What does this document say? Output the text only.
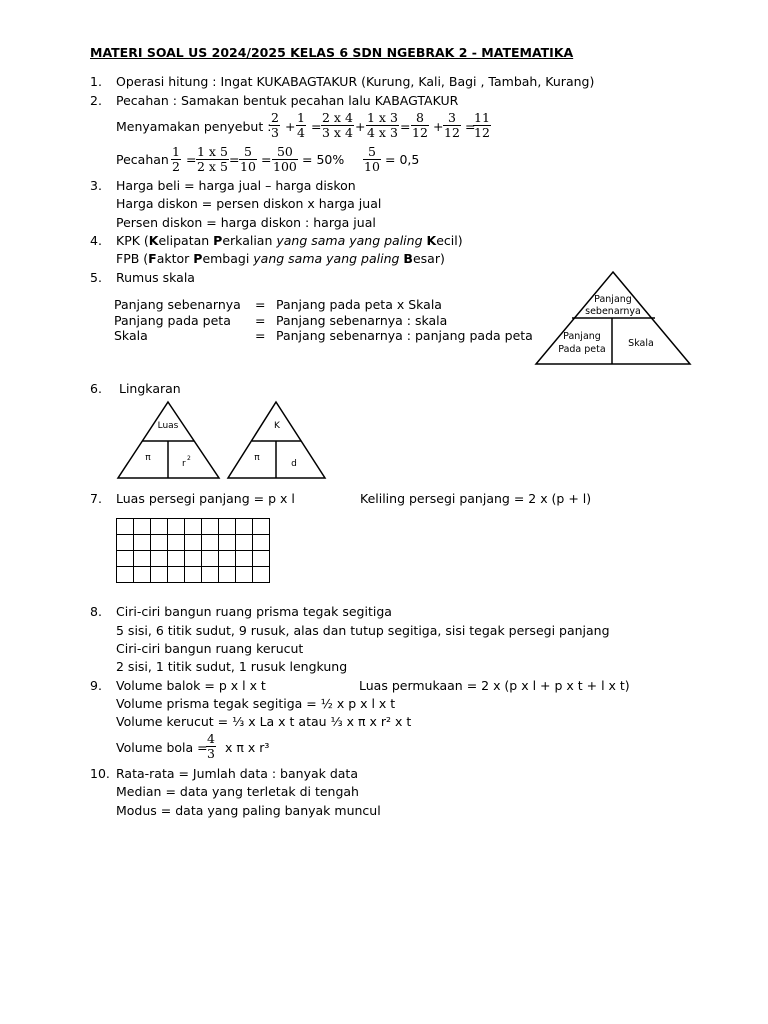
MATERI SOAL US 2024/2025 KELAS 6 SDN NGEBRAK 2 - MATEMATIKA
1. Operasi hitung : Ingat KUKABAGTAKUR (Kurung, Kali, Bagi , Tambah, Kurang)
2. Pecahan : Samakan bentuk pecahan lalu KABAGTAKUR
Menyamakan penyebut :
$\frac{2}{3} + \frac{1}{4} = \frac{2 x 4}{3 x 4} + \frac{1 x 3}{4 x 3} = \frac{8}{12} + \frac{3}{12}$ =
$\frac{11}{12}$
Pecahan $\frac{1}{2} = \frac{1 x 5}{2 x 5} = \frac{5}{10} = \frac{50}{100} = 50\% \frac{5}{10} = 0,5$
3. Harga beli = harga jual – harga diskon
Harga diskon = persen diskon x harga jual
Persen diskon = harga diskon : harga jual
4. KPK (Kelipatan Perkalian yang sama yang paling Kecil)
FPB (Faktor Pembagi yang sama yang paling Besar)
5. Rumus skala
Panjang sebenarnya = Panjang pada peta x Skala
Panjang pada peta = Panjang sebenarnya : skala
Skala	= Panjang sebenarnya : panjang pada peta
Panjang
sebenarnya
Panjang
Pada peta
Skala
6. Lingkaran
Luas
π
r
2
K
π
d
7. Luas persegi panjang = p x l	Keliling persegi panjang = 2 x (p + l)

8. Ciri-ciri bangun ruang prisma tegak segitiga
5 sisi, 6 titik sudut, 9 rusuk, alas dan tutup segitiga, sisi tegak persegi panjang
Ciri-ciri bangun ruang kerucut
2 sisi, 1 titik sudut, 1 rusuk lengkung
9. Volume balok = p x l x t	Luas permukaan = 2 x (p x l + p x t + l x t)
Volume prisma tegak segitiga = ½ x p x l x t
Volume kerucut = ⅓ x La x t atau ⅓ x π x r² x t
Volume bola =
$\frac{4}{3}$ x π x r³
10. Rata-rata = Jumlah data : banyak data
Median = data yang terletak di tengah
Modus = data yang paling banyak muncul
